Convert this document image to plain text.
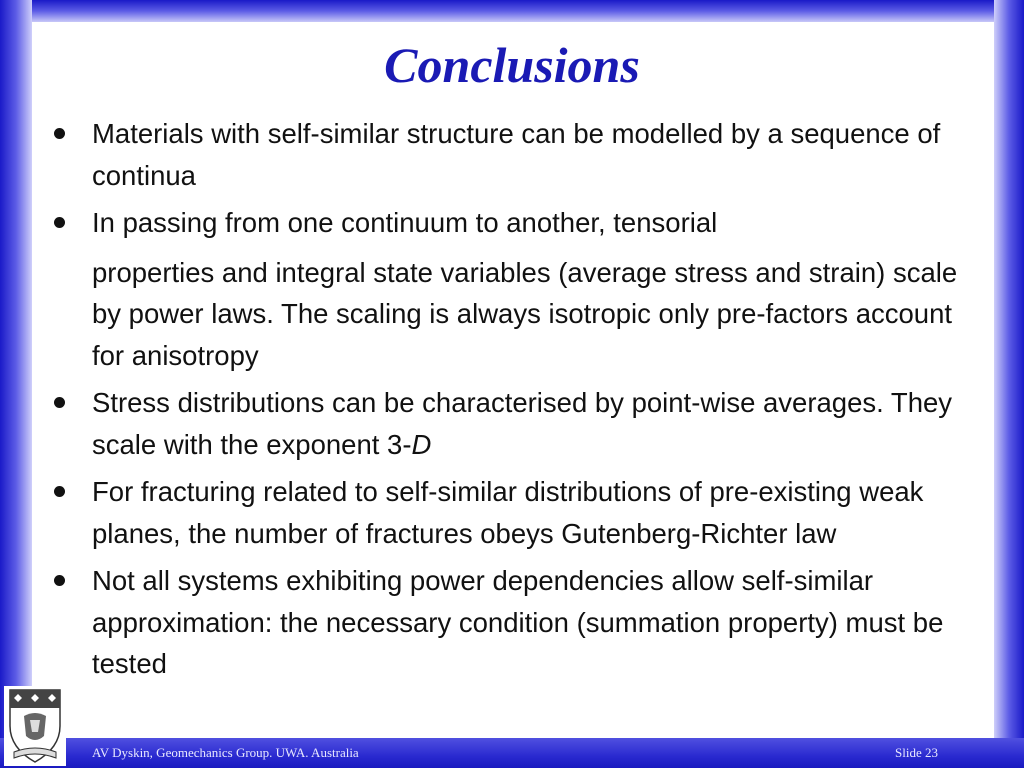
AV Dyskin, Geomechanics Group. UWA. Australia	Slide 23
Conclusions
Materials with self-similar structure can be modelled by a sequence of continua
In passing from one continuum to another, tensorial
properties and integral state variables (average stress and strain) scale by power laws. The scaling is always isotropic only pre-factors account for anisotropy
Stress distributions can be characterised by point-wise averages. They scale with the exponent 3-D
For fracturing related to self-similar distributions of pre-existing weak planes, the number of fractures obeys Gutenberg-Richter law
Not all systems exhibiting power dependencies allow self-similar approximation: the necessary condition (summation property) must be tested
